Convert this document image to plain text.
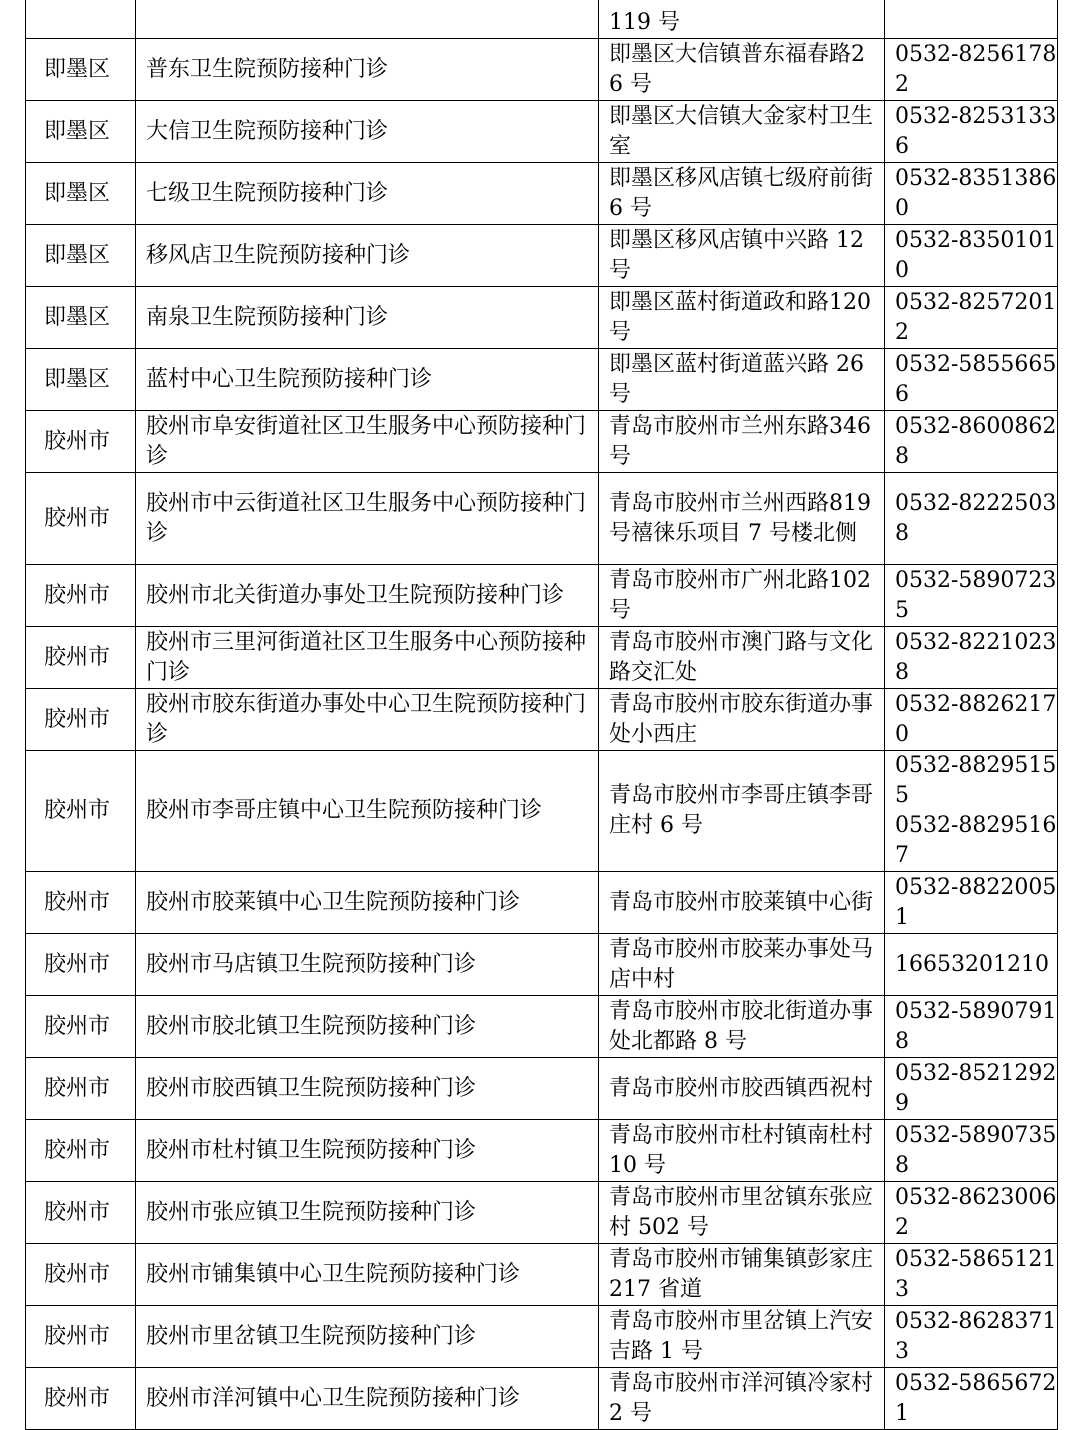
		119 号	

即墨区	普东卫生院预防接种门诊	即墨区大信镇普东福春路26 号	0532-82561782

即墨区	大信卫生院预防接种门诊	即墨区大信镇大金家村卫生室	0532-82531336

即墨区	七级卫生院预防接种门诊	即墨区移风店镇七级府前街 6 号	0532-83513860

即墨区	移风店卫生院预防接种门诊	即墨区移风店镇中兴路 12号	0532-83501010

即墨区	南泉卫生院预防接种门诊	即墨区蓝村街道政和路120 号	0532-82572012

即墨区	蓝村中心卫生院预防接种门诊	即墨区蓝村街道蓝兴路 26号	0532-58556656

胶州市	胶州市阜安街道社区卫生服务中心预防接种门诊	青岛市胶州市兰州东路346 号	0532-86008628

胶州市	胶州市中云街道社区卫生服务中心预防接种门诊	青岛市胶州市兰州西路819 号禧徕乐项目 7 号楼北侧	0532-82225038

胶州市	胶州市北关街道办事处卫生院预防接种门诊	青岛市胶州市广州北路102 号	0532-58907235

胶州市	胶州市三里河街道社区卫生服务中心预防接种门诊	青岛市胶州市澳门路与文化路交汇处	0532-82210238

胶州市	胶州市胶东街道办事处中心卫生院预防接种门诊	青岛市胶州市胶东街道办事处小西庄	0532-88262170

胶州市	胶州市李哥庄镇中心卫生院预防接种门诊	青岛市胶州市李哥庄镇李哥庄村 6 号	0532-88295155
0532-88295167

胶州市	胶州市胶莱镇中心卫生院预防接种门诊	青岛市胶州市胶莱镇中心街	0532-88220051

胶州市	胶州市马店镇卫生院预防接种门诊	青岛市胶州市胶莱办事处马店中村	16653201210

胶州市	胶州市胶北镇卫生院预防接种门诊	青岛市胶州市胶北街道办事处北都路 8 号	0532-58907918

胶州市	胶州市胶西镇卫生院预防接种门诊	青岛市胶州市胶西镇西祝村	0532-85212929

胶州市	胶州市杜村镇卫生院预防接种门诊	青岛市胶州市杜村镇南杜村 10 号	0532-58907358

胶州市	胶州市张应镇卫生院预防接种门诊	青岛市胶州市里岔镇东张应村 502 号	0532-86230062

胶州市	胶州市铺集镇中心卫生院预防接种门诊	青岛市胶州市铺集镇彭家庄 217 省道	0532-58651213

胶州市	胶州市里岔镇卫生院预防接种门诊	青岛市胶州市里岔镇上汽安吉路 1 号	0532-86283713

胶州市	胶州市洋河镇中心卫生院预防接种门诊	青岛市胶州市洋河镇冷家村 2 号	0532-58656721
